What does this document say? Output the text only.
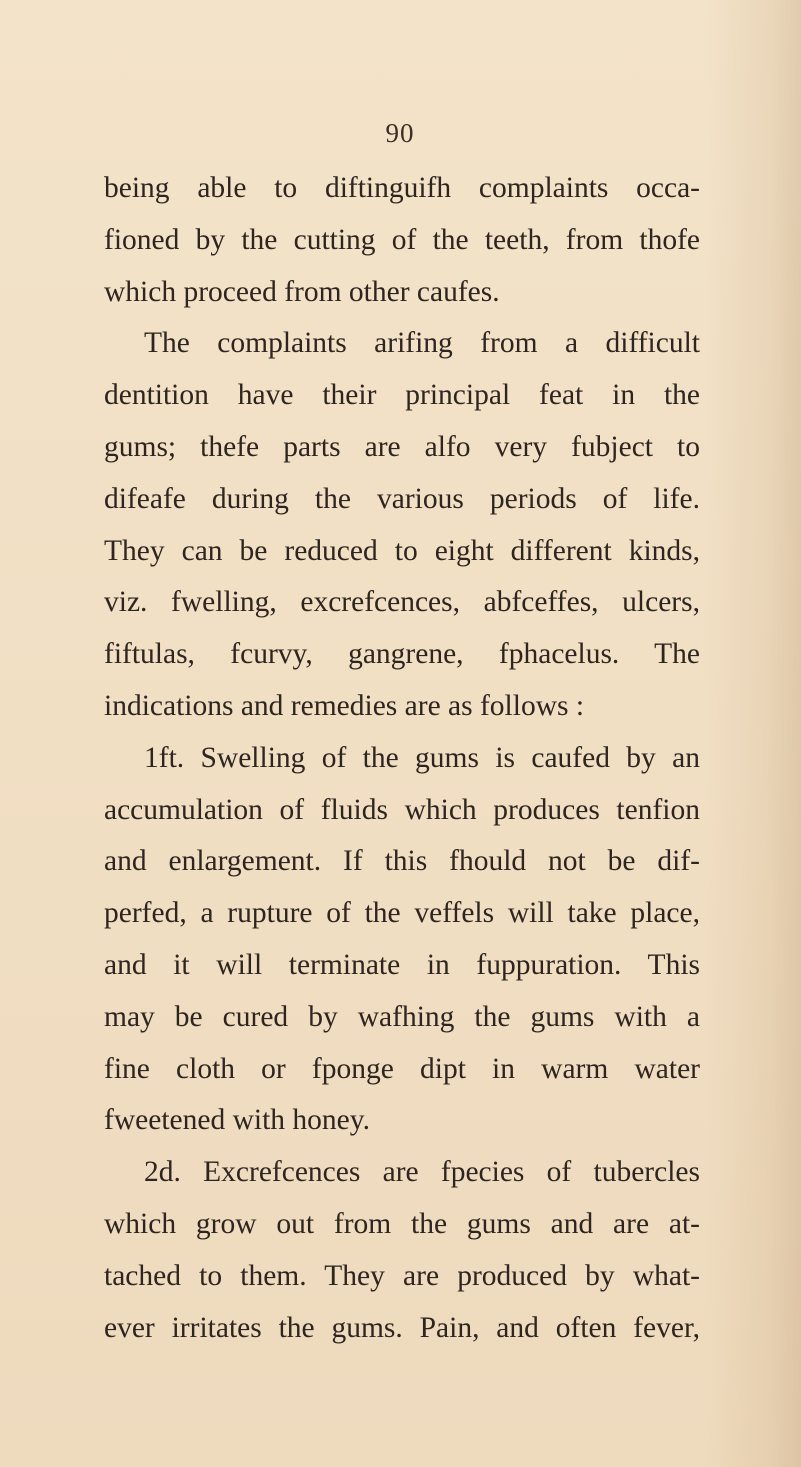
90
being able to diftinguifh complaints occa-
fioned by the cutting of the teeth, from thofe
which proceed from other caufes.
The complaints arifing from a difficult
dentition have their principal feat in the
gums; thefe parts are alfo very fubject to
difeafe during the various periods of life.
They can be reduced to eight different kinds,
viz. fwelling, excrefcences, abfceffes, ulcers,
fiftulas, fcurvy, gangrene, fphacelus. The
indications and remedies are as follows :
1ft. Swelling of the gums is caufed by an
accumulation of fluids which produces tenfion
and enlargement. If this fhould not be dif-
perfed, a rupture of the veffels will take place,
and it will terminate in fuppuration. This
may be cured by wafhing the gums with a
fine cloth or fponge dipt in warm water
fweetened with honey.
2d. Excrefcences are fpecies of tubercles
which grow out from the gums and are at-
tached to them. They are produced by what-
ever irritates the gums. Pain, and often fever,
